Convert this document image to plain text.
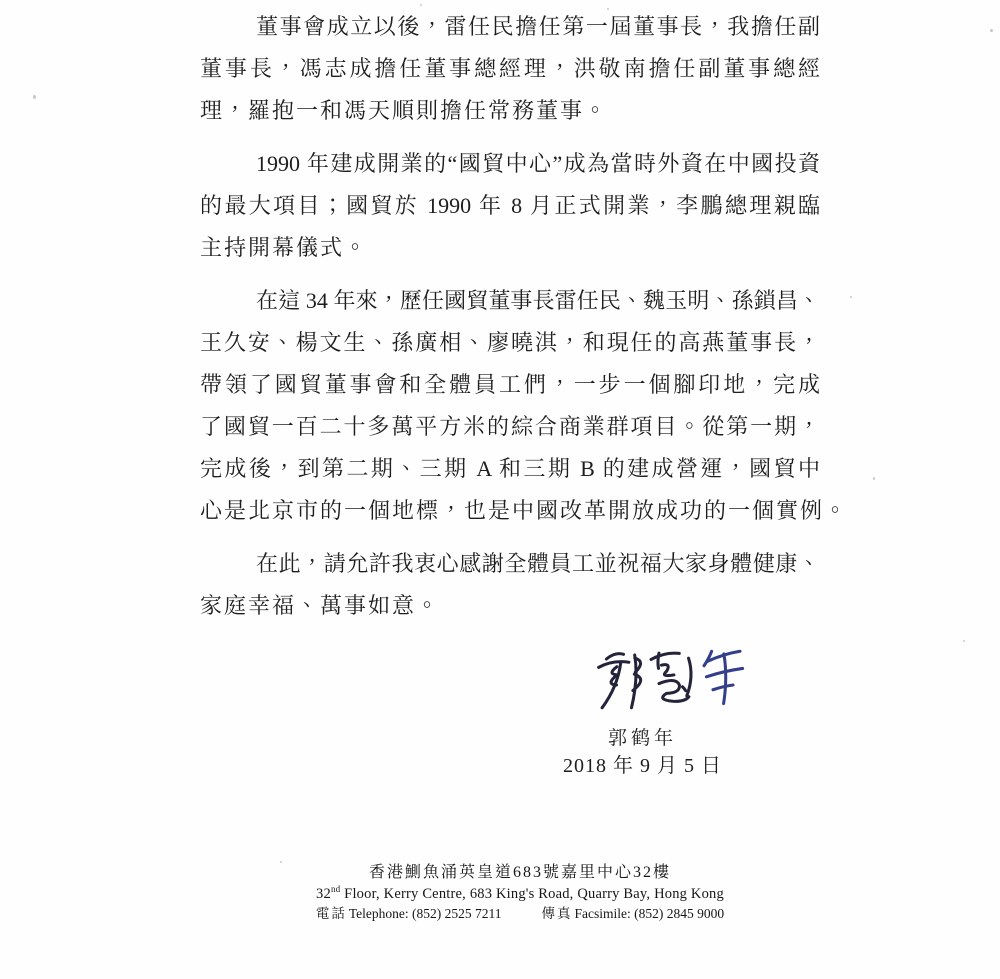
董事會成立以後，雷任民擔任第一屆董事長，我擔任副
董事長，馮志成擔任董事總經理，洪敬南擔任副董事總經
理，羅抱一和馮天順則擔任常務董事。
1990 年建成開業的“國貿中心”成為當時外資在中國投資
的最大項目；國貿於 1990 年 8 月正式開業，李鵬總理親臨
主持開幕儀式。
在這 34 年來，歷任國貿董事長雷任民、魏玉明、孫鎖昌、
王久安、楊文生、孫廣相、廖曉淇，和現任的高燕董事長，
帶領了國貿董事會和全體員工們，一步一個腳印地，完成
了國貿一百二十多萬平方米的綜合商業群項目。從第一期，
完成後，到第二期、三期 A 和三期 B 的建成營運，國貿中
心是北京市的一個地標，也是中國改革開放成功的一個實例。
在此，請允許我衷心感謝全體員工並祝福大家身體健康、
家庭幸福、萬事如意。
郭鹤年
2018 年 9 月 5 日
香港鰂魚涌英皇道683號嘉里中心32樓
32nd Floor, Kerry Centre, 683 King's Road, Quarry Bay, Hong Kong
電話 Telephone: (852) 2525 7211	傳真 Facsimile: (852) 2845 9000
